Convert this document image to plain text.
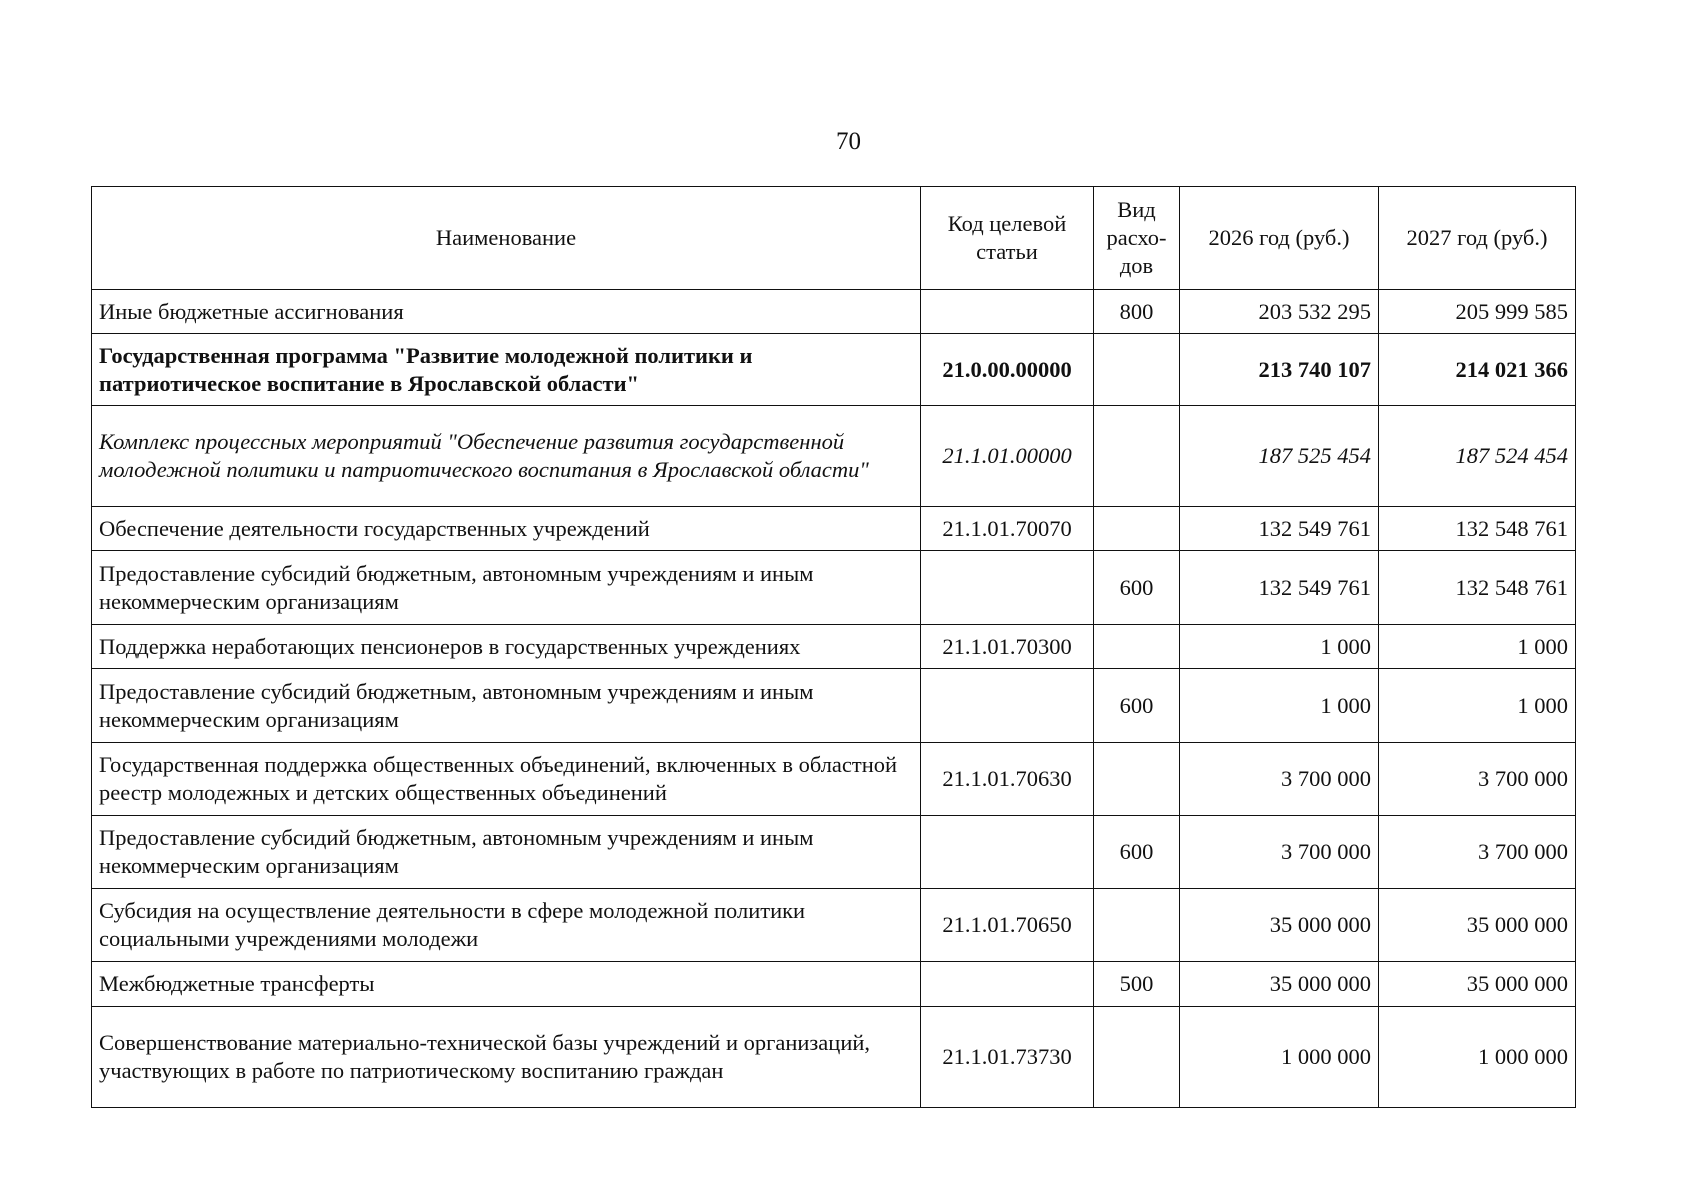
70
Наименование	Код целевой статьи	Вид расхо-дов	2026 год (руб.)	2027 год (руб.)
Иные бюджетные ассигнования		800	203 532 295	205 999 585
Государственная программа "Развитие молодежной политики и патриотическое воспитание в Ярославской области"	21.0.00.00000		213 740 107	214 021 366
Комплекс процессных мероприятий "Обеспечение развития государственной молодежной политики и патриотического воспитания в Ярославской области"	21.1.01.00000		187 525 454	187 524 454
Обеспечение деятельности государственных учреждений	21.1.01.70070		132 549 761	132 548 761
Предоставление субсидий бюджетным, автономным учреждениям и иным некоммерческим организациям		600	132 549 761	132 548 761
Поддержка неработающих пенсионеров в государственных учреждениях	21.1.01.70300		1 000	1 000
Предоставление субсидий бюджетным, автономным учреждениям и иным некоммерческим организациям		600	1 000	1 000
Государственная поддержка общественных объединений, включенных в областной реестр молодежных и детских общественных объединений	21.1.01.70630		3 700 000	3 700 000
Предоставление субсидий бюджетным, автономным учреждениям и иным некоммерческим организациям		600	3 700 000	3 700 000
Субсидия на осуществление деятельности в сфере молодежной политики социальными учреждениями молодежи	21.1.01.70650		35 000 000	35 000 000
Межбюджетные трансферты		500	35 000 000	35 000 000
Совершенствование материально-технической базы учреждений и организаций, участвующих в работе по патриотическому воспитанию граждан	21.1.01.73730		1 000 000	1 000 000
